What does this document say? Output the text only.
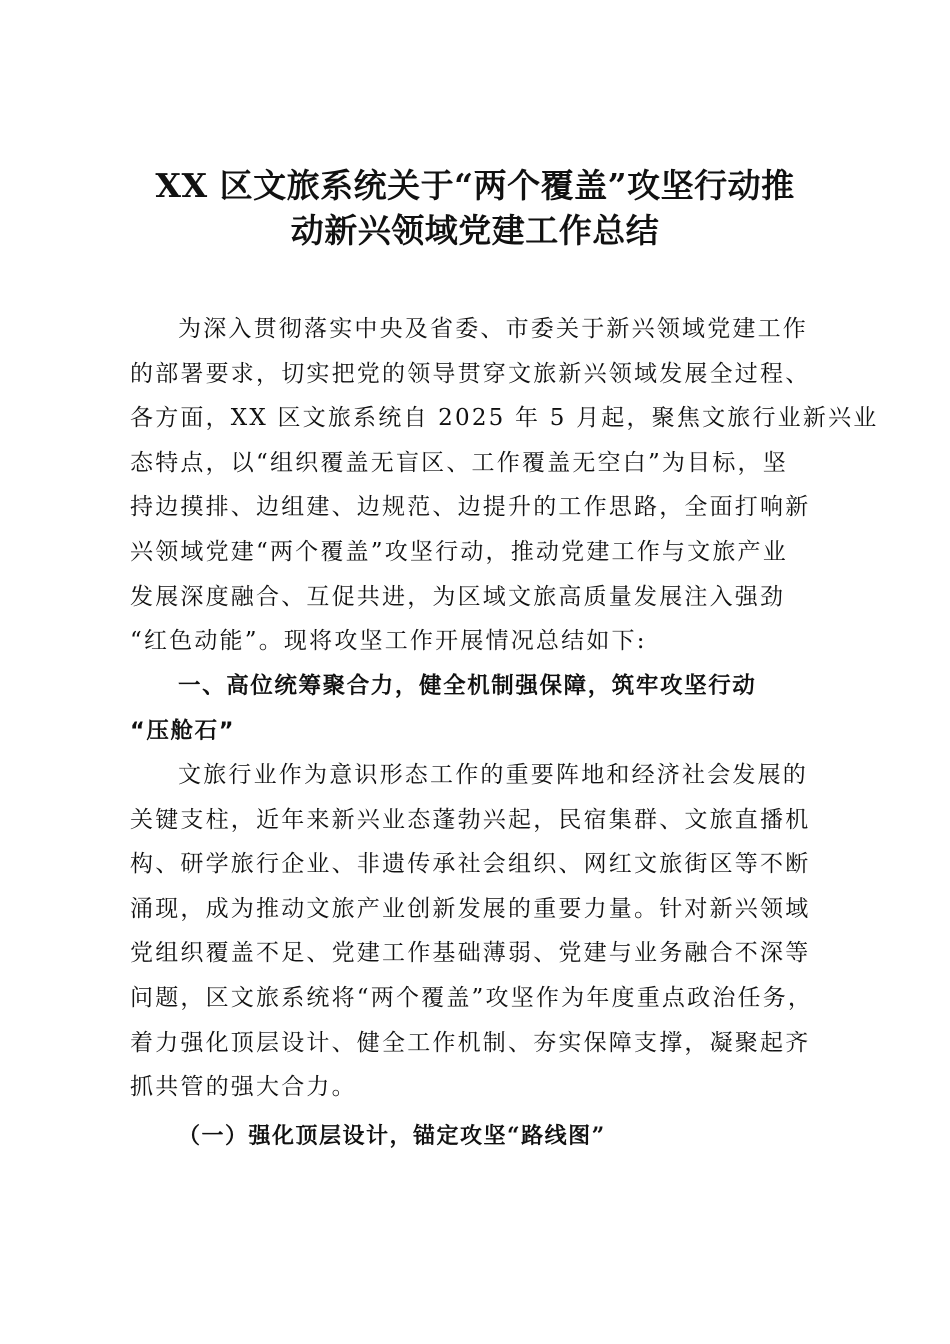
XX 区文旅系统关于“两个覆盖”攻坚行动推
动新兴领域党建工作总结
为深入贯彻落实中央及省委、市委关于新兴领域党建工作
的部署要求，切实把党的领导贯穿文旅新兴领域发展全过程、
各方面，XX 区文旅系统自 2025 年 5 月起，聚焦文旅行业新兴业
态特点，以“组织覆盖无盲区、工作覆盖无空白”为目标，坚
持边摸排、边组建、边规范、边提升的工作思路，全面打响新
兴领域党建“两个覆盖”攻坚行动，推动党建工作与文旅产业
发展深度融合、互促共进，为区域文旅高质量发展注入强劲
“红色动能”。现将攻坚工作开展情况总结如下:
一、高位统筹聚合力，健全机制强保障，筑牢攻坚行动
“压舱石”
文旅行业作为意识形态工作的重要阵地和经济社会发展的
关键支柱，近年来新兴业态蓬勃兴起，民宿集群、文旅直播机
构、研学旅行企业、非遗传承社会组织、网红文旅街区等不断
涌现，成为推动文旅产业创新发展的重要力量。针对新兴领域
党组织覆盖不足、党建工作基础薄弱、党建与业务融合不深等
问题，区文旅系统将“两个覆盖”攻坚作为年度重点政治任务，
着力强化顶层设计、健全工作机制、夯实保障支撑，凝聚起齐
抓共管的强大合力。
（一）强化顶层设计，锚定攻坚“路线图”
